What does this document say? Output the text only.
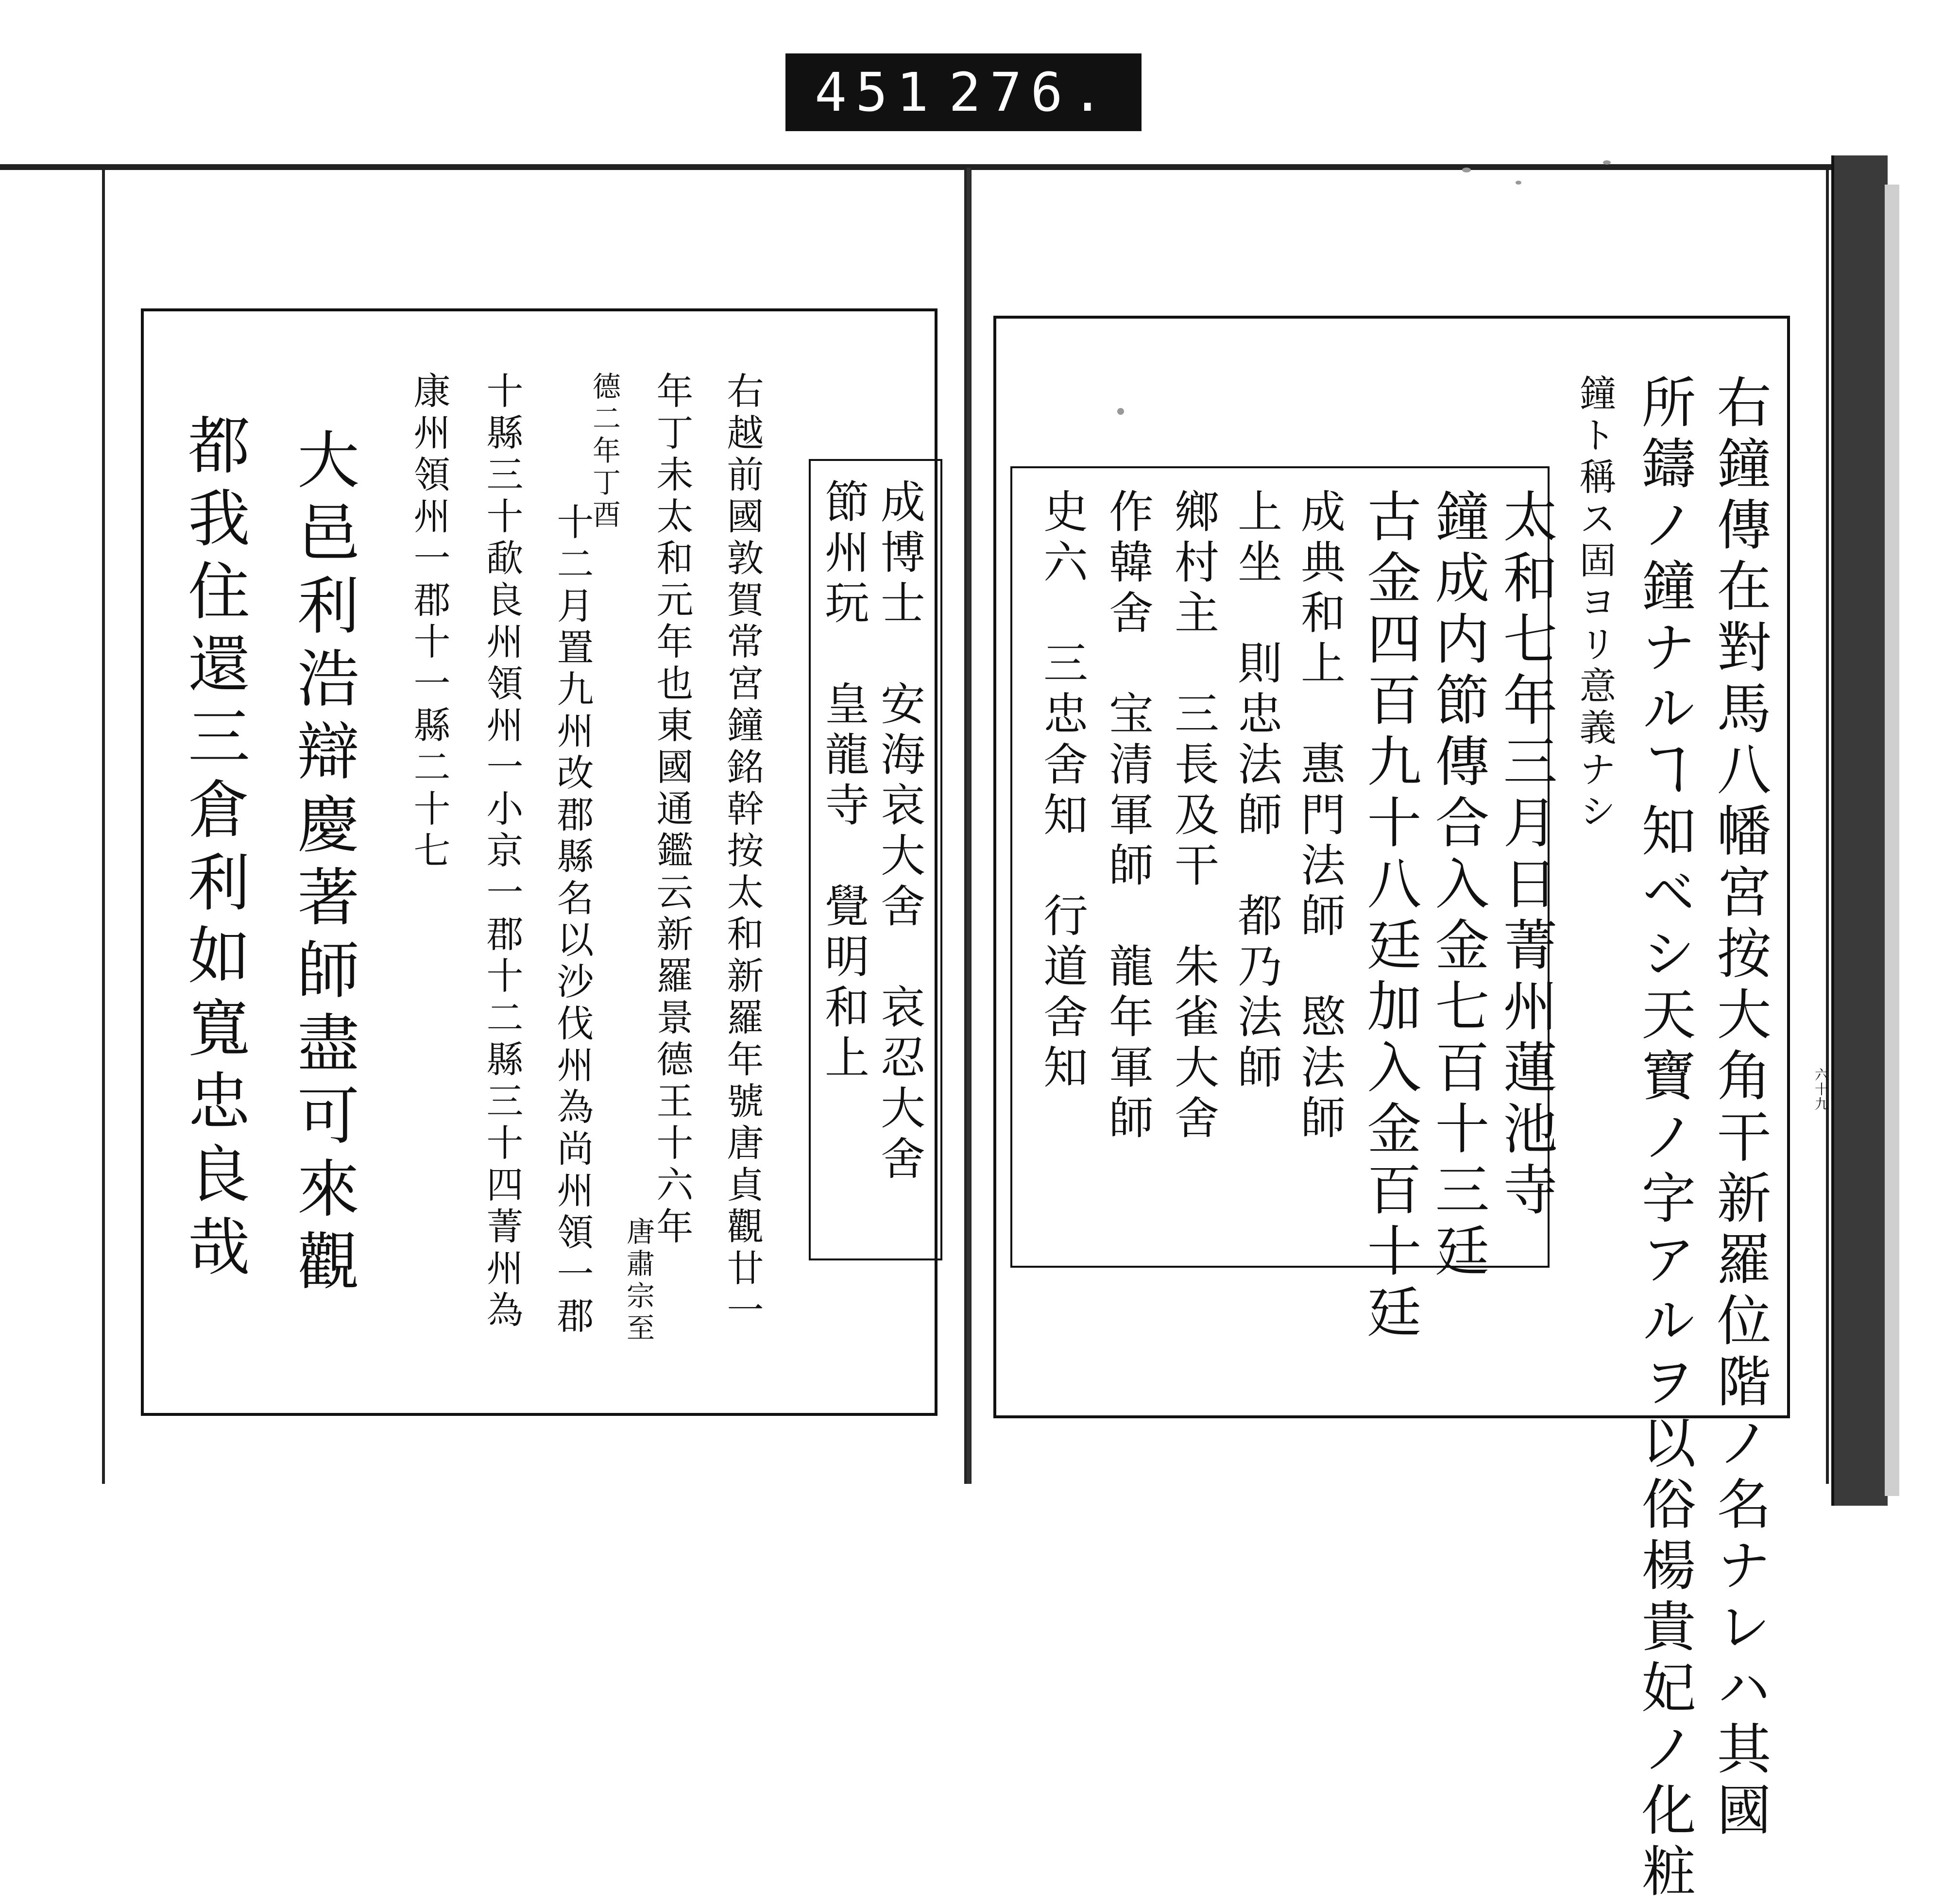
451 276.
右鐘傳在對馬八幡宮按大角干新羅位階ノ名ナレハ其國
所鑄ノ鐘ナルヿ知ベシ天寶ノ字アルヲ以俗楊貴妃ノ化粧
鐘ト稱ス固ヨリ意義ナシ
太和七年三月日菁州蓮池寺
鐘成内節傳合入金七百十三廷
古金四百九十八廷加入金百十廷
成典和上　惠門法師　愍法師
上坐　則忠法師　都乃法師
鄉村主　三長及干　朱雀大舍
作韓舍　宝清軍師　龍年軍師
史六　三忠舍知　行道舍知	六十九
成博士　安海哀大舍　哀忍大舍
節州玩　皇龍寺　覺明和上
右越前國敦賀常宮鐘銘幹按太和新羅年號唐貞觀廿一
年丁未太和元年也東國通鑑云新羅景德王十六年
唐肅宗至
德二年丁酉
十二月置九州改郡縣名以沙伐州為尚州領一郡
十縣三十歃良州領州一小京一郡十二縣三十四菁州為
康州領州一郡十一縣二十七
大邑利浩辯慶著師盡可來觀
都我住還三倉利如寬忠良哉
